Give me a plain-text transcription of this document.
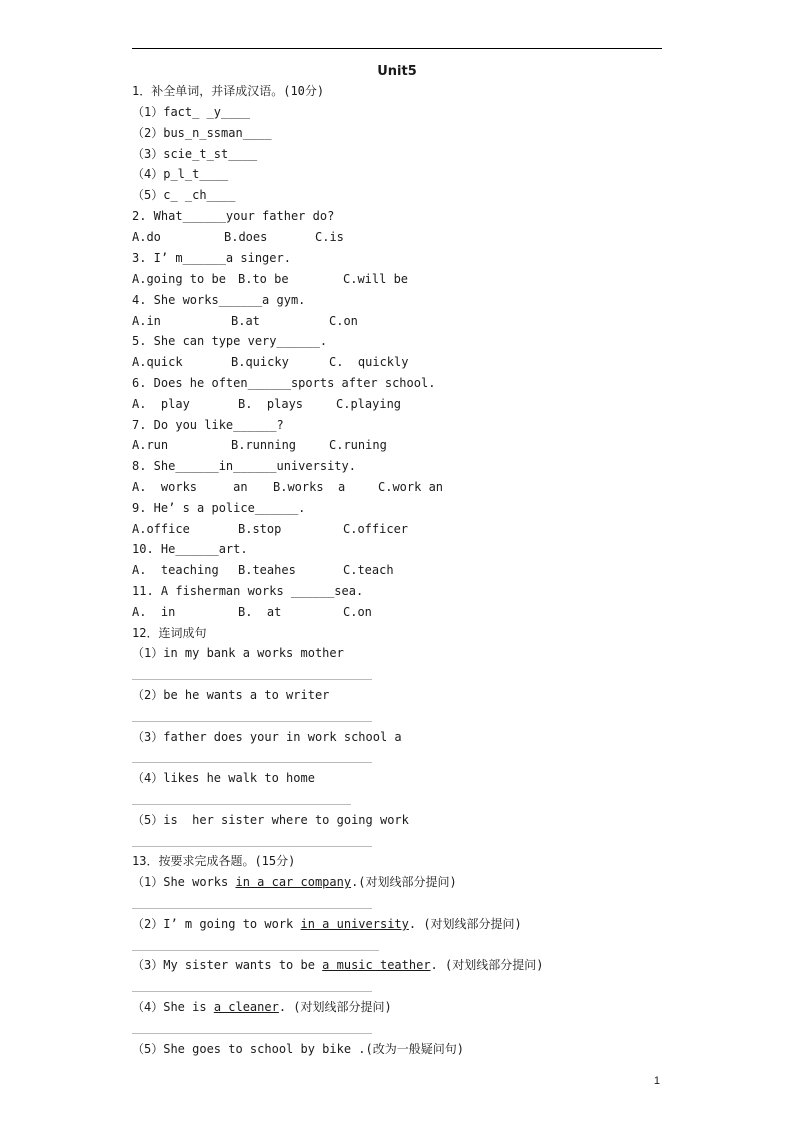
Unit5
1．补全单词，并译成汉语。(10分)
（1）fact_ _y____
（2）bus_n_ssman____
（3）scie_t_st____
（4）p_l_t____
（5）c_ _ch____
2. What______your father do?

A.do

	B.does

	C.is

3. I’ m______a singer.

A.going to be

B.to be

	C.will be

4. She works______a gym.

A.in

	B.at

	C.on

5. She can type very______.

A.quick

	B.quicky

	C.  quickly

6. Does he often______sports after school.

A.  play

	B.  plays

	C.playing

7. Do you like______?

A.run

	B.running

	C.runing

8. She______in______university.

A.  works     an

B.works  a

	C.work an

9. He’ s a police______.

A.office

	B.stop

	C.officer

10. He______art.

A.  teaching

B.teahes

	C.teach

11. A fisherman works ______sea.

A.  in

	B.  at

	C.on

12．连词成句
（1）in my bank a works mother
（2）be he wants a to writer
（3）father does your in work school a
（4）likes he walk to home
（5）is  her sister where to going work
13．按要求完成各题。(15分)
（1）She works in a car company.(对划线部分提问)
（2）I’ m going to work in a university. (对划线部分提问)
（3）My sister wants to be a music teather. (对划线部分提问)
（4）She is a cleaner. (对划线部分提问)
（5）She goes to school by bike .(改为一般疑问句)
1
